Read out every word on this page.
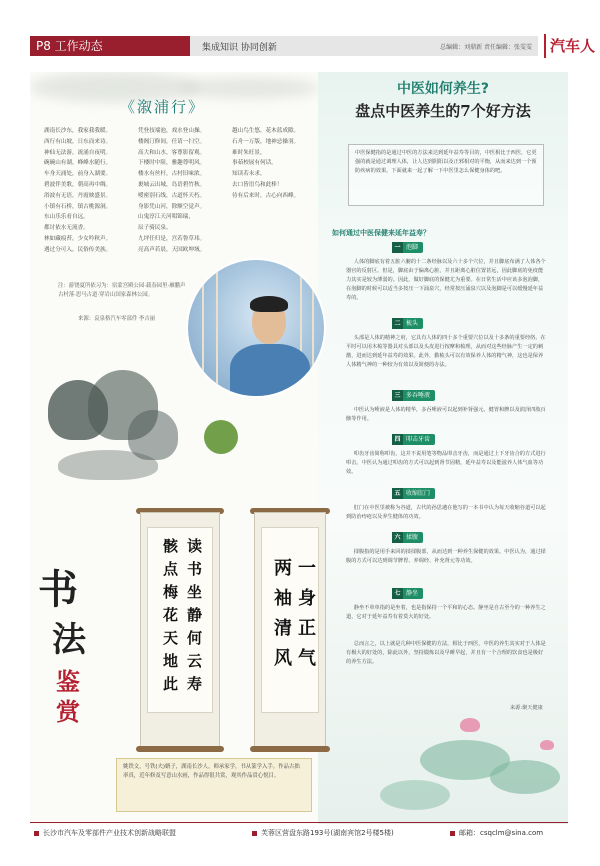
P8 工作动态	集成知识 协同创新	总编辑：刘鼎新 责任编辑：张雯雯	汽车人
《溆浦行》
湖南长沙东，我家我我暖。
西行有山坡，日东而来诗。
神仙无法游，流涌自夜明。
碗碗山有湖，峰峰水随行。
车身天涌处，前身入湖要。
碧波伴美歌，朝高再中绸。
浴波有无语，丹霞映盛景。
小镇有石桥，镇古桃源洞。
东山乐乐看自远，
都讨依水无流香。
林如藏痕苔，少女吟秋声。
遇过分可入，民俗传美族。
凭登技端池，戏水登山操。
楼阁汀修间，任请一扫空。
高大和山水，客尊影留观。
下楼时中阻，雅趣尊明风。
楼水有丝杆，古村旧味浓。
裹城云出城，岛语碧竹秋。
嗳密别石线，古道怀天朽。
身影凭山河，除额空觉声。
山鬼淳江天河唱锦瑞，
辰子骑民泉。
九坪任归是，宫若鲁草玮。
亮高声若晨，天国欧坤域。
越山鸟生悠，花木蓝成隙。
石舟一万版，地神忌操羽。
难时朱旺景，
事茹校展有何话。
知读若未求，
去口皆语鸟和此棒！
待有后来时，古心向西峰。
注：游饶夏所依习为：宿蒙宫殿公园·载春园里·雁鹏声古村落·思马古道·穿岩山国家森林公园。
来源：哀泉格汽车零部件 李吉丽
书
法
鉴
赏
读书坐静何云寿
骸点梅花天地此	一身正气
两袖清风
姚铁文，号铁(夫)婿子，湖南长沙人，师承家学，书从篆学入手。作品古拙率真，近年修及写意山水画，作品得很共赏，观其作品赏心悦目。
中医如何养生?
盘点中医养生的7个好方法
中医保健指的是通过中医的方法来达到延年益寿等目的，中医相比于西医，它更强的就是通过调理人体，让人达到阴阳以及正邪相对的平衡，从而来达到一个预防疾病的效果。下面就来一起了解一下中医里怎么保健身体的吧。
如何通过中医保健来延年益寿？
一 泡脚
人体的脚底有着五脏六腑的十二条经脉以及六十多个穴位，并且脚底布满了人体各个器官的反射区。但是，脚底由于偏离心脏，并且距离心脏位置甚远，因此脚底的免疫能力其实是较为薄弱的。因此，做好脚底的保健尤为重要。在日常生活中应该多泡泡脚，在泡脚的时候可以适当多按压一下涌泉穴，经常按压涌泉穴以及泡脚是可以缓慢延年益寿的。
二 梳头
头部是人体的精神之府，它具有人体的四十多个重要穴位以及十多条的重要经络。在平时可以用木梳等器具对头部以及头皮进行按摩和梳理，从而对这些经脉产生一定的刺激，进而达到延年益寿的效果。此外，勤梳头可以有效保养人体的精气神，这也是保养人体精气神的一种较为有效以及简便的办法。
三 多吞唾液
中医认为唾液是人体的精华，多吞唾液可以起到补肾强元、健胃和脾以及润泽四肢百骸等作用。
四 叩击牙齿
叩齿牙齿简称叩齿，这并不说用笔等物品叩击牙齿，而是通过上下牙齿合的方式进行叩击。中医认为通过叩齿的方式可以起到肾节固精，延年益寿以及能滋养人体气血等功效。
五 收缩肛门
肛门在中医里被称为谷道，古代的孙思邈在他写的一本书中认为每天收缩谷道可以起到防治痔疮以及养生健体的功效。
六 揉腹
揉腹指的是用手来回的揉揉腹部，从而达到一种养生保健的效果。中医认为，通过揉腹的方式可以达到调节脾胃、养调经、补充肾元等功效。
七 静坐
静坐不单单指的是坐着，也是指保持一个平和的心态。静坐是自古至今的一种养生之道，它对于延年益寿有着莫大的好处。
总而言之，以上就是几种中医保健的方法，相比于西医，中医的养生其实对于人体是有极大的好处的，除此以外，坚持锻炼以及早睡早起，并且有一个合理的饮食也是极好的养生方法。
来源:聚天健康
长沙市汽车及零部件产业技术创新战略联盟	芙蓉区营盘东路193号(湖南宾馆2号楼5楼)	邮箱：csqclm@sina.com
